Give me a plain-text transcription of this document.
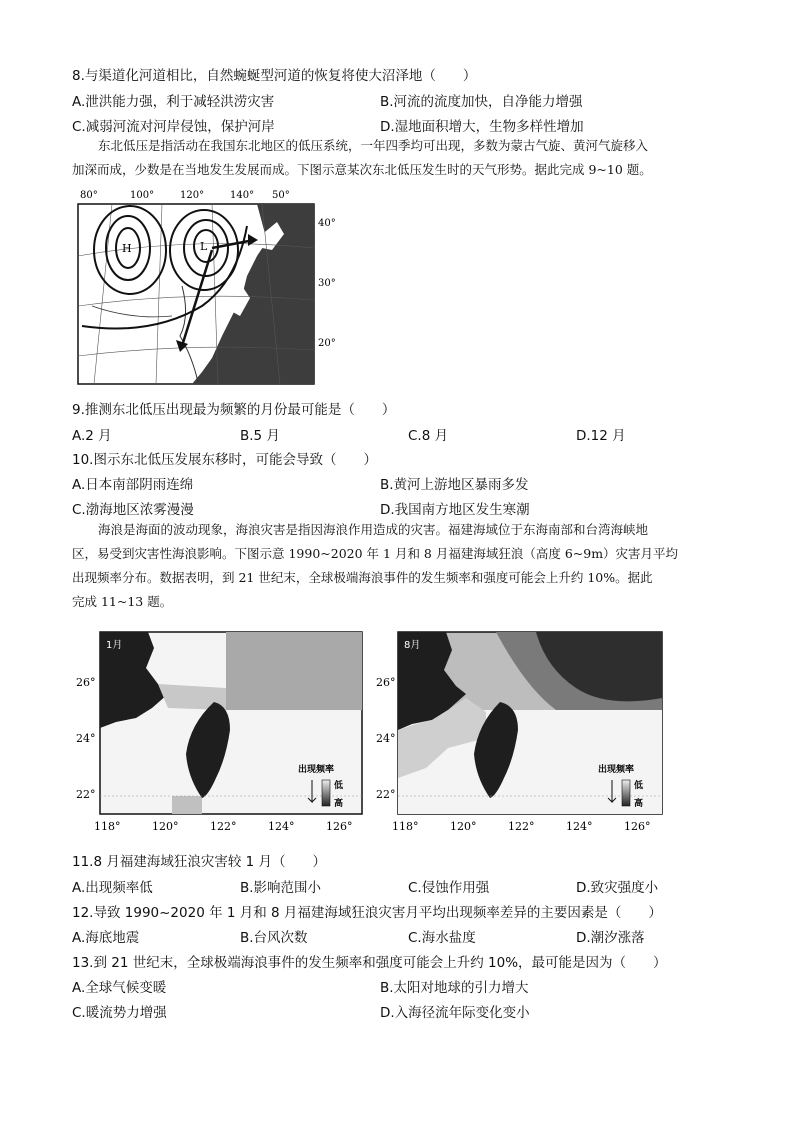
8.与渠道化河道相比，自然蜿蜒型河道的恢复将使大沼泽地（　　）
A.泄洪能力强，利于减轻洪涝灾害	B.河流的流度加快，自净能力增强
C.减弱河流对河岸侵蚀，保护河岸	D.湿地面积增大，生物多样性增加
东北低压是指活动在我国东北地区的低压系统，一年四季均可出现，多数为蒙古气旋、黄河气旋移入
加深而成，少数是在当地发生发展而成。下图示意某次东北低压发生时的天气形势。据此完成 9~10 题。
80°	100°	120°	140° 50°
H	L
40°
30°
20°
9.推测东北低压出现最为频繁的月份最可能是（　　）
A.2 月	B.5 月	C.8 月	D.12 月
10.图示东北低压发展东移时，可能会导致（　　）
A.日本南部阴雨连绵	B.黄河上游地区暴雨多发
C.渤海地区浓雾漫漫	D.我国南方地区发生寒潮
海浪是海面的波动现象，海浪灾害是指因海浪作用造成的灾害。福建海域位于东海南部和台湾海峡地
区，易受到灾害性海浪影响。下图示意 1990~2020 年 1 月和 8 月福建海域狂浪（高度 6~9m）灾害月平均
出现频率分布。数据表明，到 21 世纪末，全球极端海浪事件的发生频率和强度可能会上升约 10%。据此
完成 11~13 题。
1月
出现频率
低
高
26°
24°
22°
118°	120°	122°	124°	126°
8月
出现频率
低
高
26°
24°
22°
118°	120°	122°	124°	126°
11.8 月福建海域狂浪灾害较 1 月（　　）
A.出现频率低	B.影响范围小	C.侵蚀作用强	D.致灾强度小
12.导致 1990~2020 年 1 月和 8 月福建海域狂浪灾害月平均出现频率差异的主要因素是（　　）
A.海底地震	B.台风次数	C.海水盐度	D.潮汐涨落
13.到 21 世纪末，全球极端海浪事件的发生频率和强度可能会上升约 10%，最可能是因为（　　）
A.全球气候变暖	B.太阳对地球的引力增大
C.暖流势力增强	D.入海径流年际变化变小
